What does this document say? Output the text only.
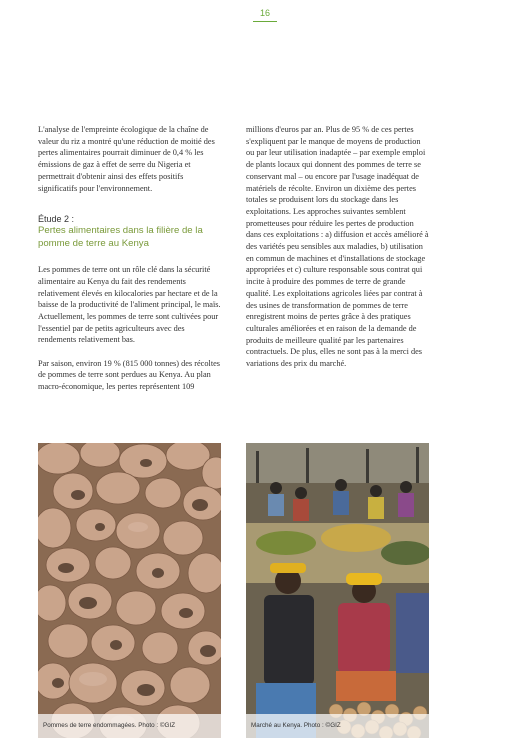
16

L'analyse de l'empreinte écologique de la chaîne de valeur du riz a montré qu'une réduction de moitié des pertes alimentaires pourrait diminuer de 0,4 % les émissions de gaz à effet de serre du Nigeria et permettrait d'obtenir ainsi des effets positifs significatifs pour l'environnement.

Étude 2 :
Pertes alimentaires dans la filière de la pomme de terre au Kenya

Les pommes de terre ont un rôle clé dans la sécurité alimentaire au Kenya du fait des rendements relativement élevés en kilocalories par hectare et de la baisse de la productivité de l'aliment principal, le maïs. Actuellement, les pommes de terre sont cultivées pour l'essentiel par de petits agriculteurs avec des rendements relativement bas.

Par saison, environ 19 % (815 000 tonnes) des récoltes de pommes de terre sont perdues au Kenya. Au plan macro-économique, les pertes représentent 109

millions d'euros par an. Plus de 95 % de ces pertes s'expliquent par le manque de moyens de production ou par leur utilisation inadaptée – par exemple emploi de plants locaux qui donnent des pommes de terre se conservant mal – ou encore par l'usage inadéquat de matériels de récolte. Environ un dixième des pertes totales se produisent lors du stockage dans les exploitations. Les approches suivantes semblent prometteuses pour réduire les pertes de production dans ces exploitations : a) diffusion et accès amélioré à des variétés peu sensibles aux maladies, b) utilisation en commun de machines et d'installations de stockage appropriées et c) culture responsable sous contrat qui incite à produire des pommes de terre de grande qualité. Les exploitations agricoles liées par contrat à des usines de transformation de pommes de terre enregistrent moins de pertes grâce à des pratiques culturales améliorées et en raison de la demande de produits de meilleure qualité par les partenaires contractuels. De plus, elles ne sont pas à la merci des variations des prix du marché.

Pommes de terre endommagées. Photo : ©GIZ	Marché au Kenya. Photo : ©GIZ
